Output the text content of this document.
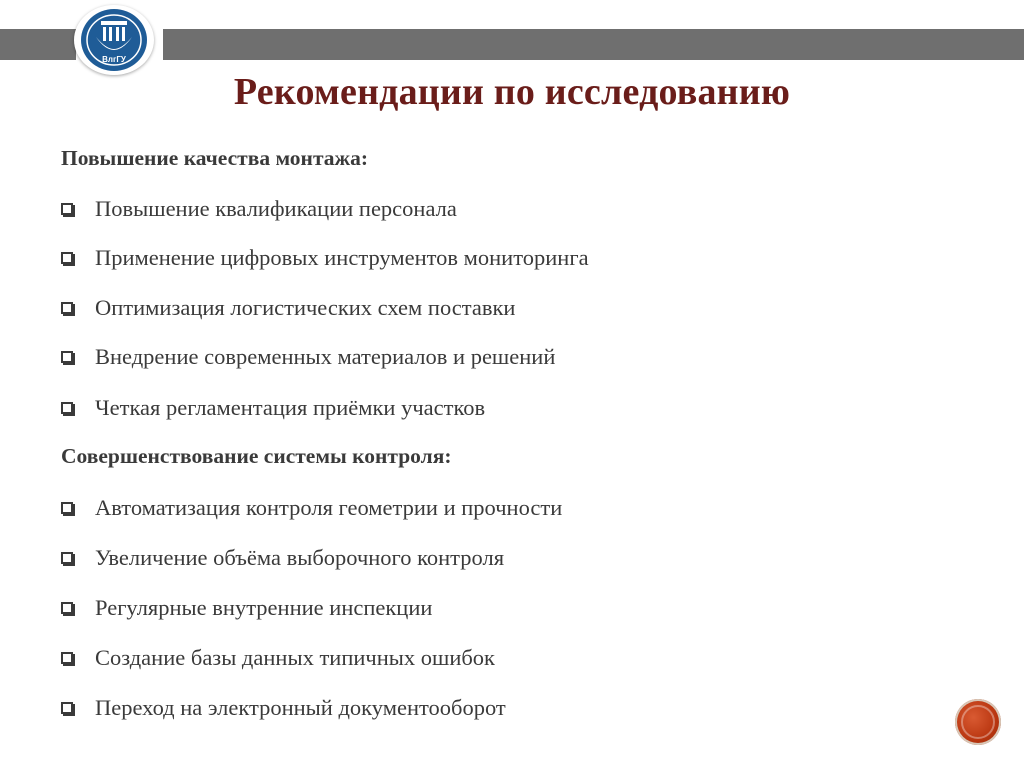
ВлгГУ
Рекомендации по исследованию
Повышение качества монтажа:
Повышение квалификации персонала
Применение цифровых инструментов мониторинга
Оптимизация логистических схем поставки
Внедрение современных материалов и решений
Четкая регламентация приёмки участков
Совершенствование системы контроля:
Автоматизация контроля геометрии и прочности
Увеличение объёма выборочного контроля
Регулярные внутренние инспекции
Создание базы данных типичных ошибок
Переход на электронный документооборот
